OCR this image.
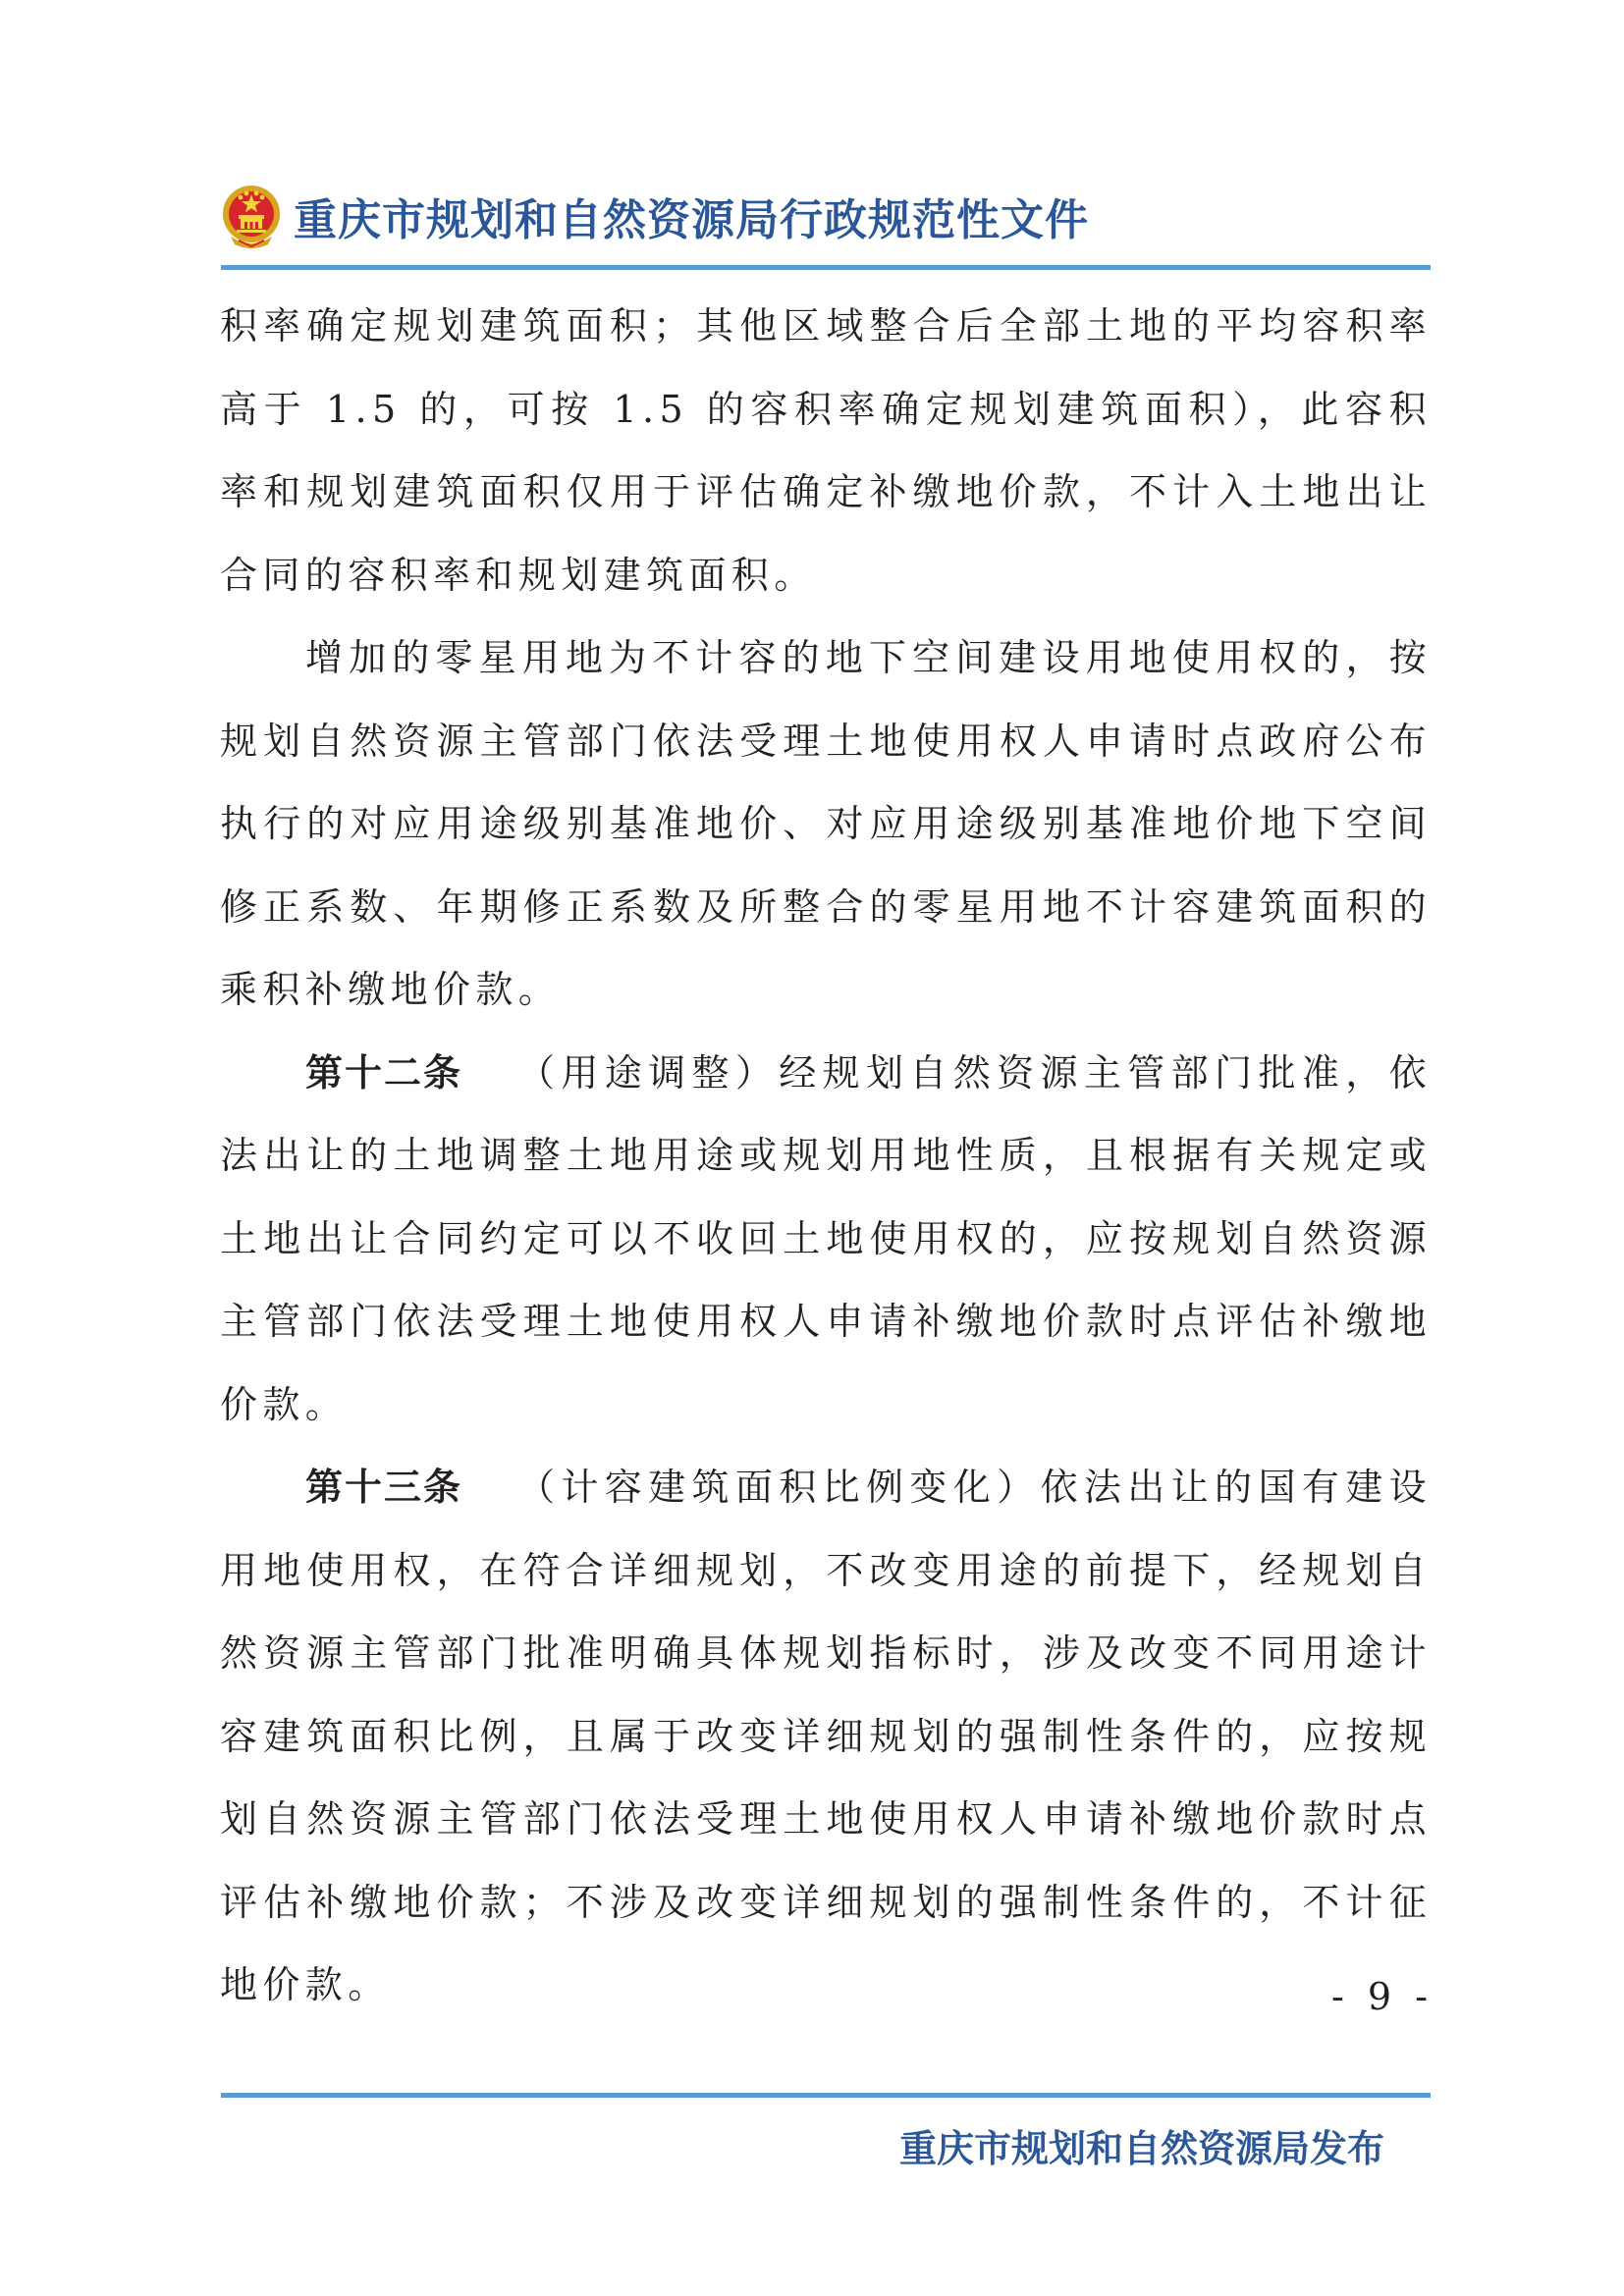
重庆市规划和自然资源局行政规范性文件

积率确定规划建筑面积；其他区域整合后全部土地的平均容积率高于 1.5 的，可按 1.5 的容积率确定规划建筑面积），此容积率和规划建筑面积仅用于评估确定补缴地价款，不计入土地出让合同的容积率和规划建筑面积。

增加的零星用地为不计容的地下空间建设用地使用权的，按规划自然资源主管部门依法受理土地使用权人申请时点政府公布执行的对应用途级别基准地价、对应用途级别基准地价地下空间修正系数、年期修正系数及所整合的零星用地不计容建筑面积的乘积补缴地价款。

第十二条 （用途调整）经规划自然资源主管部门批准，依法出让的土地调整土地用途或规划用地性质，且根据有关规定或土地出让合同约定可以不收回土地使用权的，应按规划自然资源主管部门依法受理土地使用权人申请补缴地价款时点评估补缴地价款。

第十三条 （计容建筑面积比例变化）依法出让的国有建设用地使用权，在符合详细规划，不改变用途的前提下，经规划自然资源主管部门批准明确具体规划指标时，涉及改变不同用途计容建筑面积比例，且属于改变详细规划的强制性条件的，应按规划自然资源主管部门依法受理土地使用权人申请补缴地价款时点评估补缴地价款；不涉及改变详细规划的强制性条件的，不计征地价款。	- 9 -
重庆市规划和自然资源局发布
